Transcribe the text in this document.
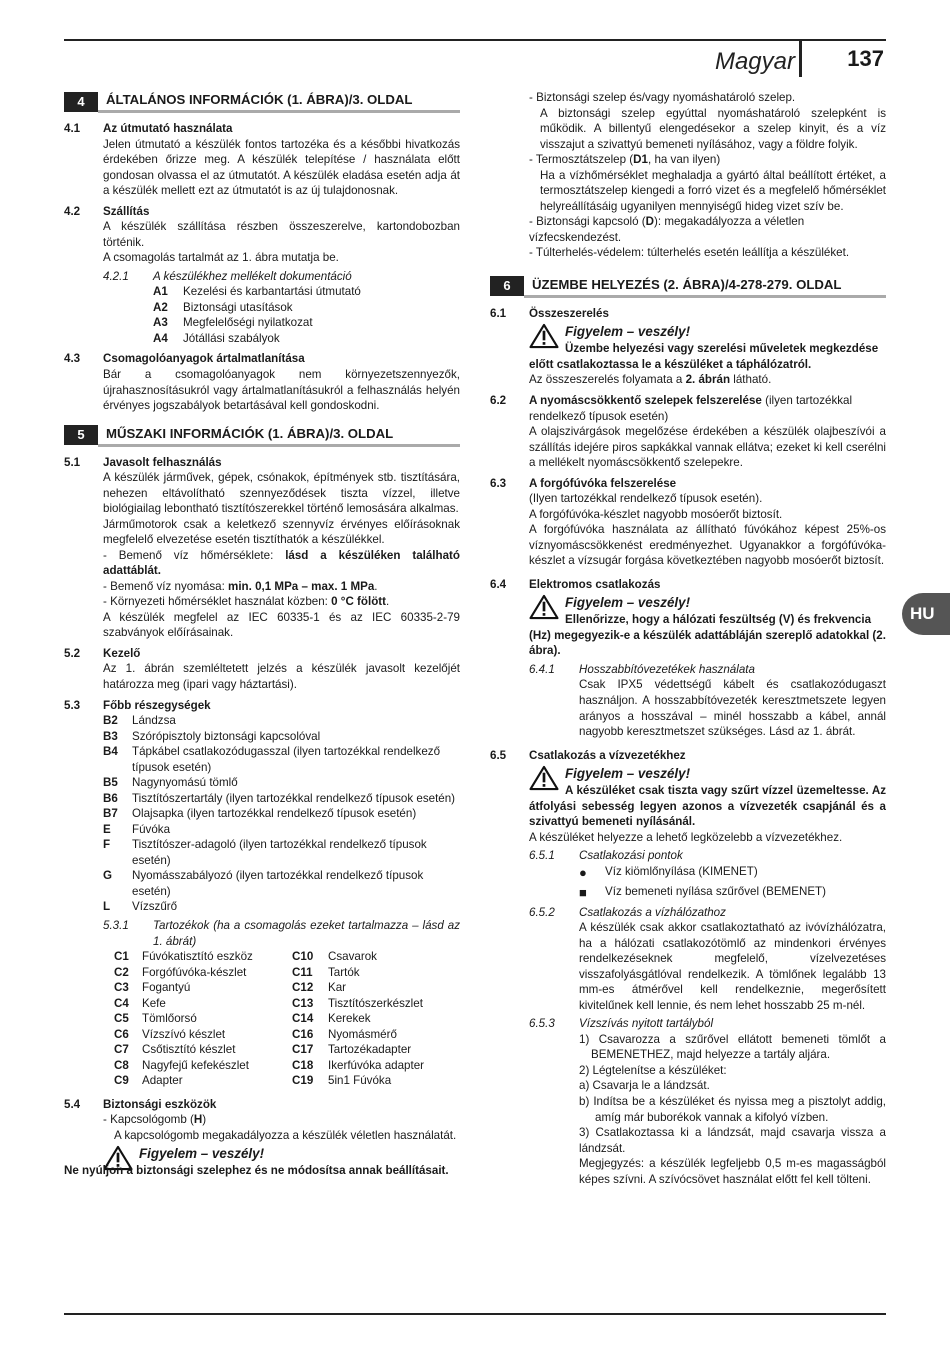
Magyar 137
HU
4	ÁLTALÁNOS INFORMÁCIÓK (1. ÁBRA)/3. OLDAL
4.1	Az útmutató használata
Jelen útmutató a készülék fontos tartozéka és a későbbi hivatkozás érdekében őrizze meg. A készülék telepítése / használata előtt gondosan olvassa el az útmutatót. A készülék eladása esetén adja át a készülék mellett ezt az útmutatót is az új tulajdonosnak.
4.2	Szállítás
A készülék szállítása részben összeszerelve, kartondobozban történik.
A csomagolás tartalmát az 1. ábra mutatja be.
4.2.1	A készülékhez mellékelt dokumentáció
A1	Kezelési és karbantartási útmutató
A2	Biztonsági utasítások
A3	Megfelelőségi nyilatkozat
A4	Jótállási szabályok
4.3	Csomagolóanyagok ártalmatlanítása
Bár a csomagolóanyagok nem környezetszennyezők, újrahasznosításukról vagy ártalmatlanításukról a felhasználás helyén érvényes jogszabályok betartásával kell gondoskodni.
5	MŰSZAKI INFORMÁCIÓK (1. ÁBRA)/3. OLDAL
5.1	Javasolt felhasználás
A készülék járművek, gépek, csónakok, építmények stb. tisztítására, nehezen eltávolítható szennyeződések tiszta vízzel, illetve biológiailag lebontható tisztítószerekkel történő lemosására alkalmas.
Járműmotorok csak a keletkező szennyvíz érvényes előírásoknak megfelelő elvezetése esetén tisztíthatók a készülékkel.
- Bemenő víz hőmérséklete: lásd a készüléken található adattáblát.
- Bemenő víz nyomása: min. 0,1 MPa – max. 1 MPa.
- Környezeti hőmérséklet használat közben: 0 °C fölött.
A készülék megfelel az IEC 60335-1 és az IEC 60335-2-79 szabványok előírásainak.
5.2	Kezelő
Az 1. ábrán szemléltetett jelzés a készülék javasolt kezelőjét határozza meg (ipari vagy háztartási).
5.3	Főbb részegységek
B2	Lándzsa
B3	Szórópisztoly biztonsági kapcsolóval
B4	Tápkábel csatlakozódugasszal (ilyen tartozékkal rendelkező típusok esetén)
B5	Nagynyomású tömlő
B6	Tisztítószertartály (ilyen tartozékkal rendelkező típusok esetén)
B7	Olajsapka (ilyen tartozékkal rendelkező típusok esetén)
E	Fúvóka
F	Tisztítószer-adagoló (ilyen tartozékkal rendelkező típusok esetén)
G	Nyomásszabályozó (ilyen tartozékkal rendelkező típusok esetén)
L	Vízszűrő
5.3.1	Tartozékok (ha a csomagolás ezeket tartalmazza – lásd az 1. ábrát)
C1	Fúvókatisztító eszköz	C10	Csavarok
C2	Forgófúvóka-készlet	C11	Tartók
C3	Fogantyú	C12	Kar
C4	Kefe	C13	Tisztítószerkészlet
C5	Tömlőorsó	C14	Kerekek
C6	Vízszívó készlet	C16	Nyomásmérő
C7	Csőtisztító készlet	C17	Tartozékadapter
C8	Nagyfejű kefekészlet	C18	Ikerfúvóka adapter
C9	Adapter	C19	5in1 Fúvóka
5.4	Biztonsági eszközök
- Kapcsológomb (H)
A kapcsológomb megakadályozza a készülék véletlen használatát.
Figyelem – veszély!
Ne nyúljon a biztonsági szelephez és ne módosítsa annak beállításait.
- Biztonsági szelep és/vagy nyomáshatároló szelep.
A biztonsági szelep egyúttal nyomáshatároló szelepként is működik. A billentyű elengedésekor a szelep kinyit, és a víz visszajut a szivattyú bemeneti nyílásához, vagy a földre folyik.
- Termosztátszelep (D1, ha van ilyen)
Ha a vízhőmérséklet meghaladja a gyártó által beállított értéket, a termosztátszelep kiengedi a forró vizet és a megfelelő hőmérséklet helyreállításáig ugyanilyen mennyiségű hideg vizet szív be.
- Biztonsági kapcsoló (D): megakadályozza a véletlen vízfecskendezést.
- Túlterhelés-védelem: túlterhelés esetén leállítja a készüléket.
6	ÜZEMBE HELYEZÉS (2. ÁBRA)/4-278-279. OLDAL
6.1	Összeszerelés
Figyelem – veszély!
Üzembe helyezési vagy szerelési műveletek megkezdése előtt csatlakoztassa le a készüléket a táphálózatról.
Az összeszerelés folyamata a 2. ábrán látható.
6.2	A nyomáscsökkentő szelepek felszerelése (ilyen tartozékkal rendelkező típusok esetén)
A olajszivárgások megelőzése érdekében a készülék olajbeszívói a szállítás idejére piros sapkákkal vannak ellátva; ezeket ki kell cserélni a mellékelt nyomáscsökkentő szelepekre.
6.3	A forgófúvóka felszerelése
(Ilyen tartozékkal rendelkező típusok esetén).
A forgófúvóka-készlet nagyobb mosóerőt biztosít.
A forgófúvóka használata az állítható fúvókához képest 25%-os víznyomáscsökkenést eredményezhet. Ugyanakkor a forgófúvóka-készlet a vízsugár forgása következtében nagyobb mosóerőt biztosít.
6.4	Elektromos csatlakozás
Figyelem – veszély!
Ellenőrizze, hogy a hálózati feszültség (V) és frekvencia (Hz) megegyezik-e a készülék adattábláján szereplő adatokkal (2. ábra).
6.4.1	Hosszabbítóvezetékek használata
Csak IPX5 védettségű kábelt és csatlakozódugaszt használjon. A hosszabbítóvezeték keresztmetszete legyen arányos a hosszával – minél hosszabb a kábel, annál nagyobb keresztmetszet szükséges. Lásd az 1. ábrát.
6.5	Csatlakozás a vízvezetékhez
Figyelem – veszély!
A készüléket csak tiszta vagy szűrt vízzel üzemeltesse. Az átfolyási sebesség legyen azonos a vízvezeték csapjánál és a szivattyú bemeneti nyílásánál.
A készüléket helyezze a lehető legközelebb a vízvezetékhez.
6.5.1	Csatlakozási pontok
●	Víz kiömlőnyílása (KIMENET)
■	Víz bemeneti nyílása szűrővel (BEMENET)
6.5.2	Csatlakozás a vízhálózathoz
A készülék csak akkor csatlakoztatható az ivóvízhálózatra, ha a hálózati csatlakozótömlő az mindenkori érvényes rendelkezéseknek megfelelő, vízelvezetéses visszafolyásgátlóval rendelkezik. A tömlőnek legalább 13 mm-es átmérővel kell rendelkeznie, megerősített kivitelűnek kell lennie, és nem lehet hosszabb 25 m-nél.
6.5.3	Vízszívás nyitott tartályból
1) Csavarozza a szűrővel ellátott bemeneti tömlőt a BEMENETHEZ, majd helyezze a tartály aljára.
2) Légtelenítse a készüléket:
a) Csavarja le a lándzsát.
b) Indítsa be a készüléket és nyissa meg a pisztolyt addig, amíg már buborékok vannak a kifolyó vízben.
3) Csatlakoztassa ki a lándzsát, majd csavarja vissza a lándzsát.
Megjegyzés: a készülék legfeljebb 0,5 m-es magasságból képes szívni. A szívócsövet használat előtt fel kell tölteni.
